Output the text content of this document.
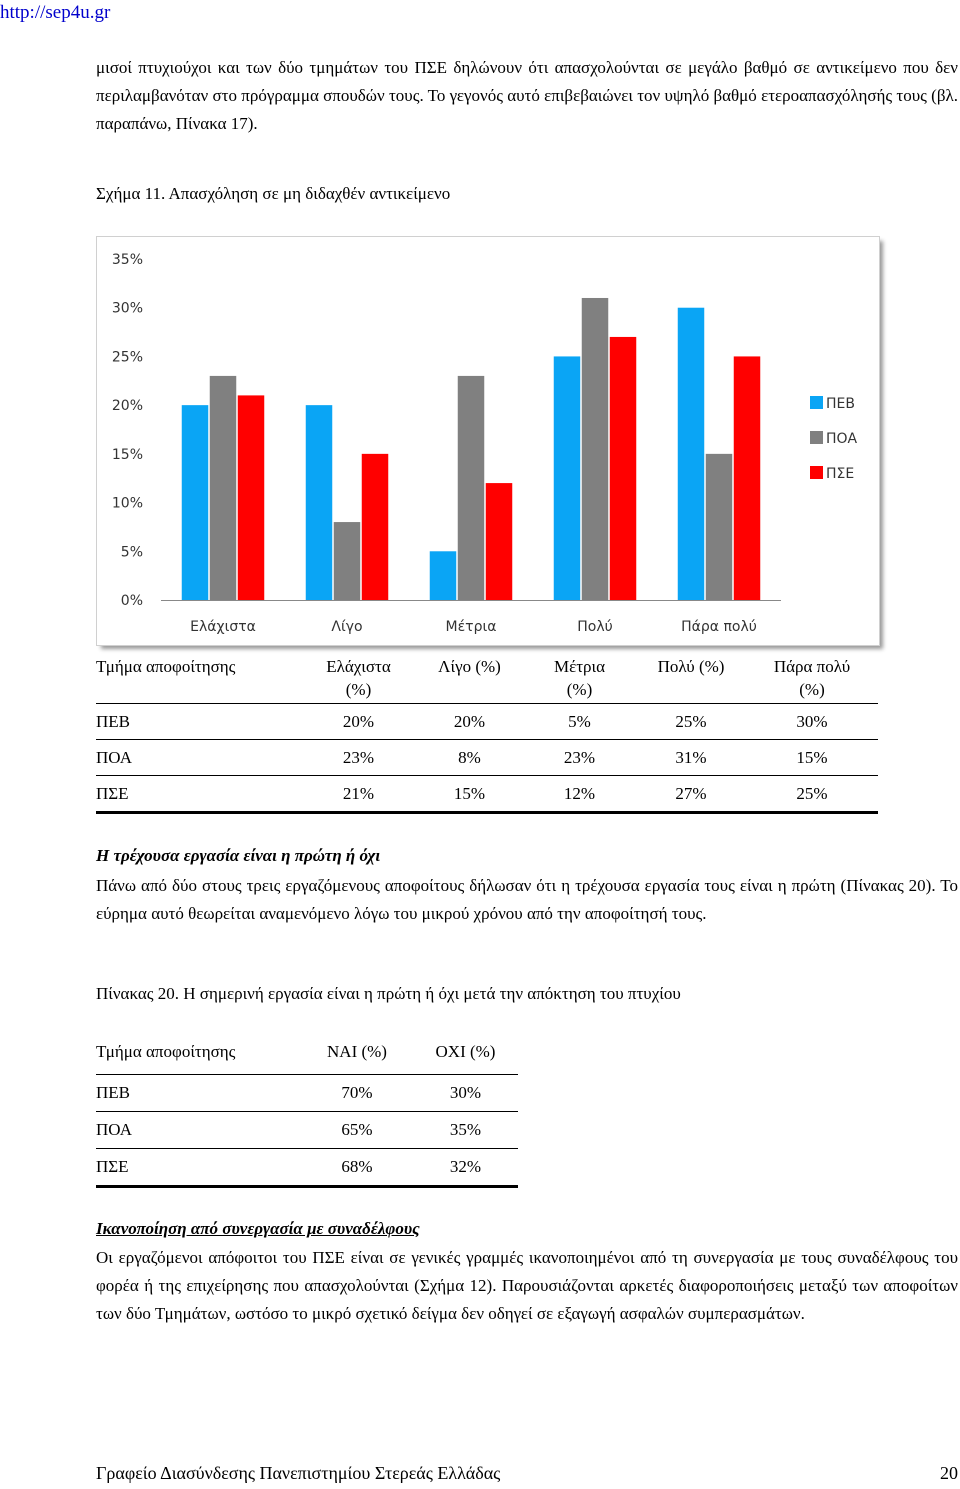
http://sep4u.gr

μισοί πτυχιούχοι και των δύο τμημάτων του ΠΣΕ δηλώνουν ότι απασχολούνται σε μεγάλο βαθμό σε αντικείμενο που δεν περιλαμβανόταν στο πρόγραμμα σπουδών τους. Το γεγονός αυτό επιβεβαιώνει τον υψηλό βαθμό ετεροαπασχόλησής τους (βλ. παραπάνω, Πίνακα 17).

Σχήμα 11. Απασχόληση σε μη διδαχθέν αντικείμενο
0%
5%
10%
15%
20%
25%
30%
35%
Ελάχιστα	Λίγο	Μέτρια	Πολύ	Πάρα πολύ
ΠΕΒ
ΠΟΑ
ΠΣΕ
Τμήμα αποφοίτησης	Ελάχιστα (%)	Λίγο (%)	Μέτρια (%)	Πολύ (%)	Πάρα πολύ (%)
ΠΕΒ	20%	20%	5%	25%	30%
ΠΟΑ	23%	8%	23%	31%	15%
ΠΣΕ	21%	15%	12%	27%	25%
Η τρέχουσα εργασία είναι η πρώτη ή όχι

Πάνω από δύο στους τρεις εργαζόμενους αποφοίτους δήλωσαν ότι η τρέχουσα εργασία τους είναι η πρώτη (Πίνακας 20). Το εύρημα αυτό θεωρείται αναμενόμενο λόγω του μικρού χρόνου από την αποφοίτησή τους.

Πίνακας 20. Η σημερινή εργασία είναι η πρώτη ή όχι μετά την απόκτηση του πτυχίου
Τμήμα αποφοίτησης	ΝΑΙ (%)	ΟΧΙ (%)
ΠΕΒ	70%	30%
ΠΟΑ	65%	35%
ΠΣΕ	68%	32%
Ικανοποίηση από συνεργασία με συναδέλφους

Οι εργαζόμενοι απόφοιτοι του ΠΣΕ είναι σε γενικές γραμμές ικανοποιημένοι από τη συνεργασία με τους συναδέλφους του φορέα ή της επιχείρησης που απασχολούνται (Σχήμα 12). Παρουσιάζονται αρκετές διαφοροποιήσεις μεταξύ των αποφοίτων των δύο Τμημάτων, ωστόσο το μικρό σχετικό δείγμα δεν οδηγεί σε εξαγωγή ασφαλών συμπερασμάτων.

Γραφείο Διασύνδεσης Πανεπιστημίου Στερεάς Ελλάδας	20
